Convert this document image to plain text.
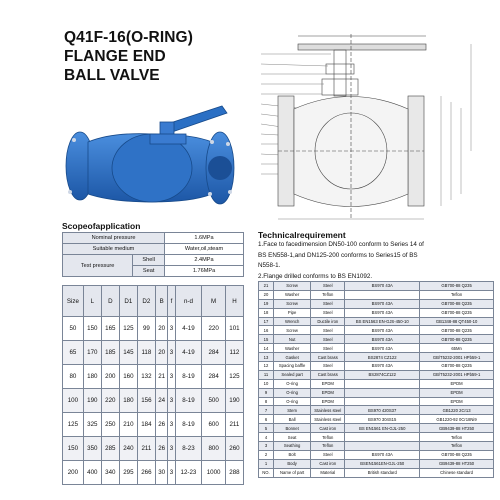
Q41F-16(O-RING)
FLANGE END
BALL VALVE
Scopeofapplication
Nominal pressure		1.6MPa
Suitable medium		Water,oil,steam
Test pressure	Shell	2.4MPa
	Seat	1.76MPa
Size	L	D	D1	D2	B	f	n-d	M	H
50	150	165	125	99	20	3	4-19	220	101
65	170	185	145	118	20	3	4-19	284	112
80	180	200	160	132	21	3	8-19	284	125
100	190	220	180	156	24	3	8-19	500	190
125	325	250	210	184	26	3	8-19	600	211
150	350	285	240	211	26	3	8-23	800	260
200	400	340	295	266	30	3	12-23	1000	288
Technicalrequirement
1.Face to facedimension DN50-100 conform to Series 14 of
BS EN558-1,and DN125-200 conforms to Series15 of BS
N558-1.
2.Flange drilled conforms to BS EN1092.
21	Screw	Steel	BS970 43A	GB700-88 Q235
20	Washer	Teflon		Teflon
19	Screw	Steel	BS970 43A	GB700-88 Q235
18	Pipe	Steel	BS970 43A	GB700-88 Q235
17	Wrench	Ductile iron	BS EN1563 EN-GJS-450-10	GB1348-88 QT450-10
16	Screw	Steel	BS970 43A	GB700-88 Q235
15	Nut	Steel	BS970 43A	GB700-88 Q235
14	Washer	Steel	BS970 43A	65Mn
13	Gasket	Cast brass	BS2874 CZ122	GB/T5232-2001 HPb59-1
12	Spacing baffle	Steel	BS970 43A	GB700-88 Q235
11	Sealed part	Cast brass	BS2874CZ122	GB/T5232-2001 HPb59-1
10	O-ring	EPDM		EPDM
9	O-ring	EPDM		EPDM
8	O-ring	EPDM		EPDM
7	Stem	Stainless steel	BS970 420S37	GB1220 2Cr13
6	Ball	Stainless steel	BS970 304S15	GB1220-92 0Cr18Ni9
5	Bonnet	Cast iron	BS EN1561 EN-GJL-250	GB9439-88 HT250
4	Seat	Teflon		Teflon
3	Seathing	Teflon		Teflon
2	Bolt	Steel	BS970 43A	GB700-88 Q235
1	Body	Cast iron	BSEN1561EN-GJL-250	GB9439-88 HT250
NO.	Name of part	Material	British standard	Chinese standard
